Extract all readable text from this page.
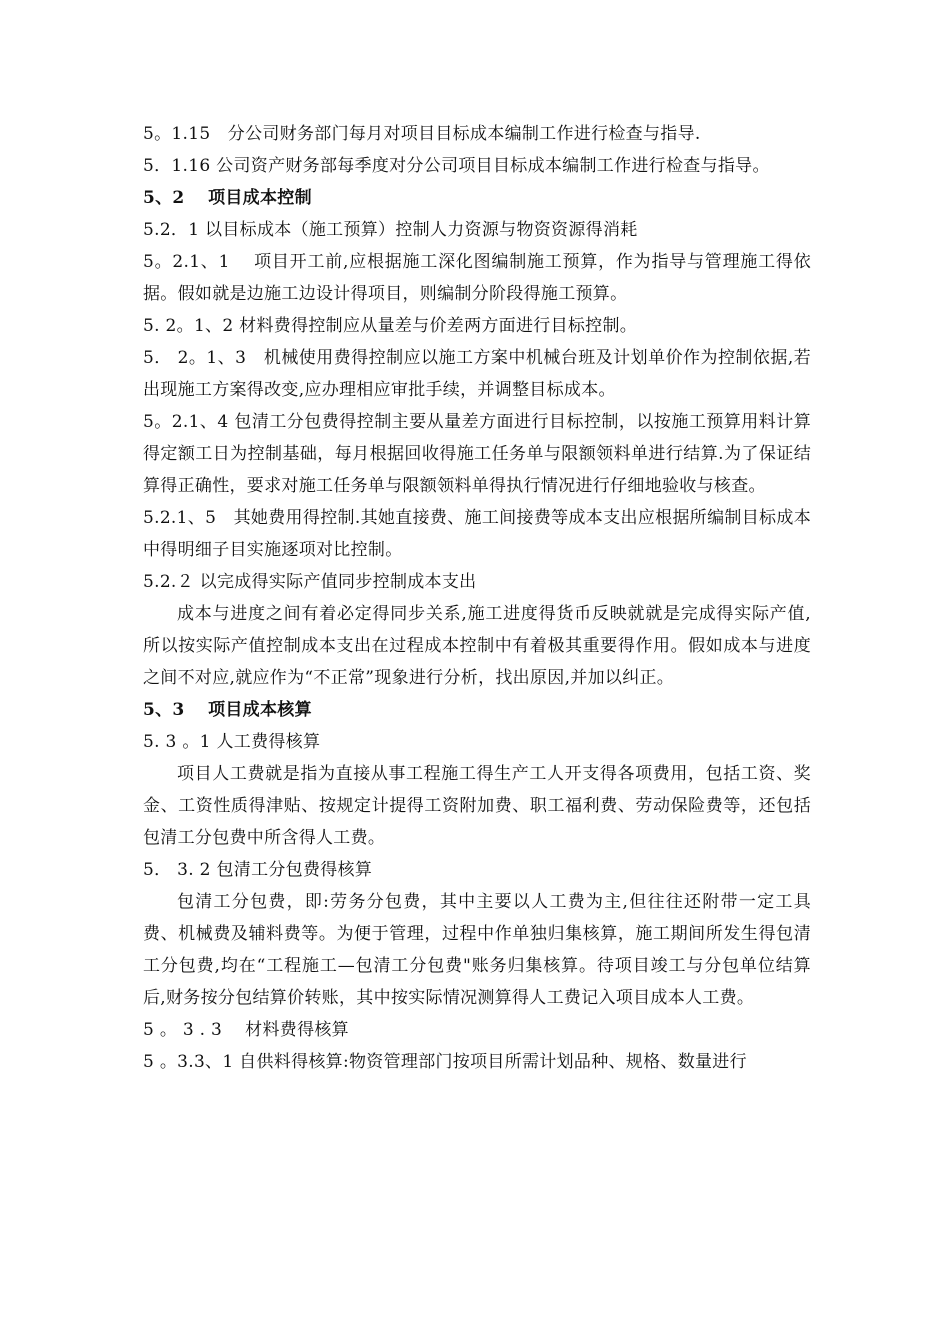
5。1.15　分公司财务部门每月对项目目标成本编制工作进行检查与指导.

5．1.16 公司资产财务部每季度对分公司项目目标成本编制工作进行检查与指导。

5、2　 项目成本控制

5.2．1 以目标成本（施工预算）控制人力资源与物资资源得消耗

5。2.1、1　 项目开工前,应根据施工深化图编制施工预算，作为指导与管理施工得依据。假如就是边施工边设计得项目，则编制分阶段得施工预算。

5. 2。1、2 材料费得控制应从量差与价差两方面进行目标控制。

5． 2。1、3　机械使用费得控制应以施工方案中机械台班及计划单价作为控制依据,若出现施工方案得改变,应办理相应审批手续，并调整目标成本。

5。2.1、4 包清工分包费得控制主要从量差方面进行目标控制，以按施工预算用料计算得定额工日为控制基础，每月根据回收得施工任务单与限额领料单进行结算.为了保证结算得正确性，要求对施工任务单与限额领料单得执行情况进行仔细地验收与核查。

5.2.1、5　其她费用得控制.其她直接费、施工间接费等成本支出应根据所编制目标成本中得明细子目实施逐项对比控制。

5.2.２ 以完成得实际产值同步控制成本支出

成本与进度之间有着必定得同步关系,施工进度得货币反映就就是完成得实际产值,所以按实际产值控制成本支出在过程成本控制中有着极其重要得作用。假如成本与进度之间不对应,就应作为“不正常”现象进行分析，找出原因,并加以纠正。

5、3　 项目成本核算

5. 3 。1 人工费得核算

项目人工费就是指为直接从事工程施工得生产工人开支得各项费用，包括工资、奖金、工资性质得津贴、按规定计提得工资附加费、职工福利费、劳动保险费等，还包括包清工分包费中所含得人工费。

5． 3. 2 包清工分包费得核算

包清工分包费，即:劳务分包费，其中主要以人工费为主,但往往还附带一定工具费、机械费及辅料费等。为便于管理，过程中作单独归集核算，施工期间所发生得包清工分包费,均在“工程施工—包清工分包费"账务归集核算。待项目竣工与分包单位结算后,财务按分包结算价转账，其中按实际情况测算得人工费记入项目成本人工费。

5 。 3 . 3　 材料费得核算

5 。3.3、1 自供料得核算:物资管理部门按项目所需计划品种、规格、数量进行
